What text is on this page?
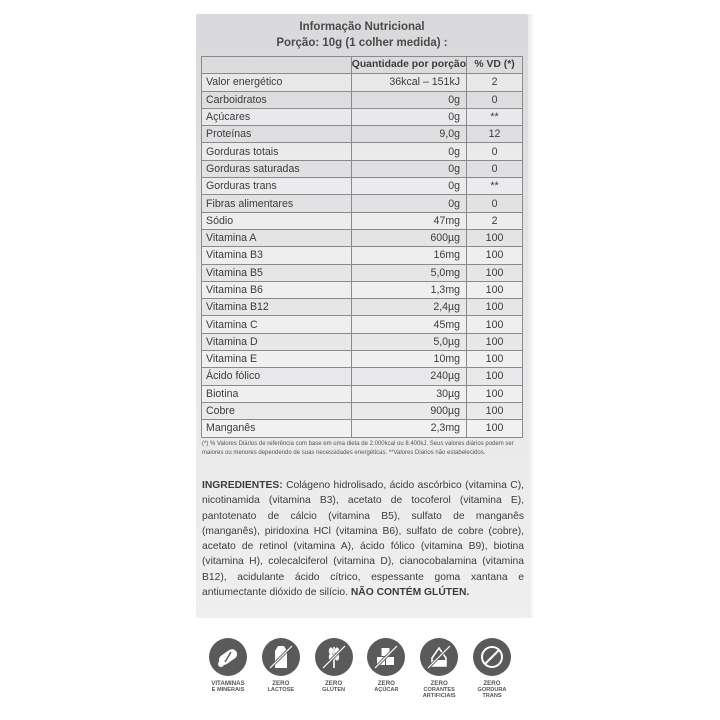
Informação Nutricional
Porção: 10g (1 colher medida) :
	Quantidade por porção	% VD (*)
Valor energético	36kcal – 151kJ	2
Carboidratos	0g	0
Açúcares	0g	**
Proteínas	9,0g	12
Gorduras totais	0g	0
Gorduras saturadas	0g	0
Gorduras trans	0g	**
Fibras alimentares	0g	0
Sódio	47mg	2
Vitamina A	600µg	100
Vitamina B3	16mg	100
Vitamina B5	5,0mg	100
Vitamina B6	1,3mg	100
Vitamina B12	2,4µg	100
Vitamina C	45mg	100
Vitamina D	5,0µg	100
Vitamina E	10mg	100
Ácido fólico	240µg	100
Biotina	30µg	100
Cobre	900µg	100
Manganês	2,3mg	100
(*) % Valores Diários de referência com base em uma dieta de 2.000kcal ou 8.400kJ. Seus valores diários podem ser maiores ou menores dependendo de suas necessidades energéticas. **Valores Diários não estabelecidos.
INGREDIENTES: Colágeno hidrolisado, ácido ascórbico (vitamina C), nicotinamida (vitamina B3), acetato de tocoferol (vitamina E), pantotenato de cálcio (vitamina B5), sulfato de manganês (manganês), piridoxina HCl (vitamina B6), sulfato de cobre (cobre), acetato de retinol (vitamina A), ácido fólico (vitamina B9), biotina (vitamina H), colecalciferol (vitamina D), cianocobalamina (vitamina B12), acidulante ácido cítrico, espessante goma xantana e antiumectante dióxido de silício. NÃO CONTÉM GLÚTEN.
VITAMINAS
E MINERAIS
ZERO
LACTOSE
ZERO
GLÚTEN
ZERO
AÇÚCAR
ZERO
CORANTES ARTIFICIAIS
ZERO
GORDURA TRANS
